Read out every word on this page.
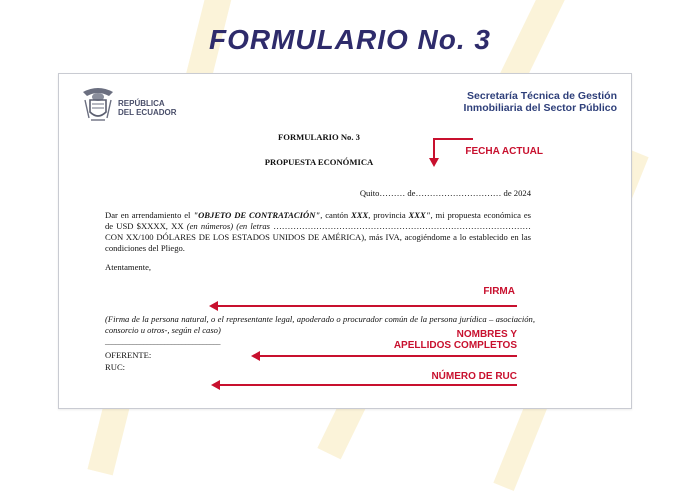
FORMULARIO No. 3
REPÚBLICA
DEL ECUADOR
Secretaría Técnica de Gestión
Inmobiliaria del Sector Público
FORMULARIO No. 3
PROPUESTA ECONÓMICA
Quito……… de………………………… de 2024
Dar en arrendamiento el "OBJETO DE CONTRATACIÓN", cantón XXX, provincia XXX", mi propuesta económica es de USD $XXXX, XX (en números) (en letras ………………………………………………………………………………CON XX/100 DÓLARES DE LOS ESTADOS UNIDOS DE AMÉRICA), más IVA, acogiéndome a lo establecido en las condiciones del Pliego.
Atentamente,
(Firma de la persona natural, o el representante legal, apoderado o procurador común de la persona jurídica – asociación, consorcio u otros-, según el caso)
_________________________________
OFERENTE:
RUC:
FECHA ACTUAL
FIRMA
NOMBRES Y
APELLIDOS COMPLETOS
NÚMERO DE RUC
